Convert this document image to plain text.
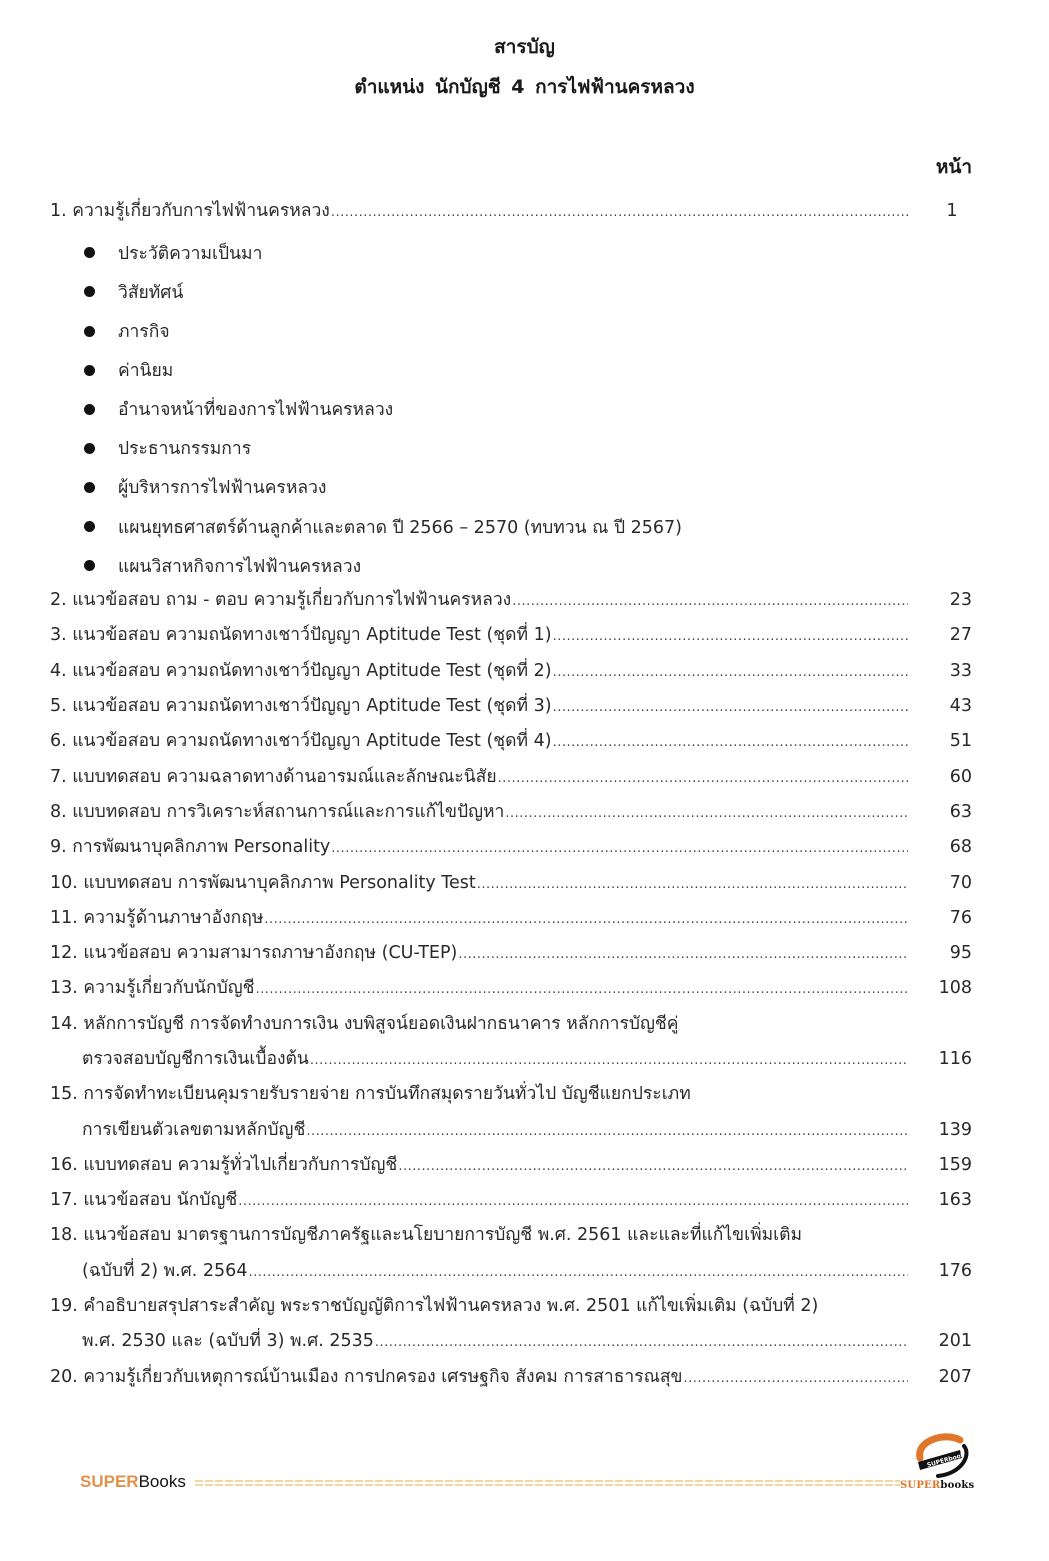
สารบัญ
ตำแหน่ง นักบัญชี 4 การไฟฟ้านครหลวง
หน้า
1. ความรู้เกี่ยวกับการไฟฟ้านครหลวง .....	1
ประวัติความเป็นมา
วิสัยทัศน์
ภารกิจ
ค่านิยม
อำนาจหน้าที่ของการไฟฟ้านครหลวง
ประธานกรรมการ
ผู้บริหารการไฟฟ้านครหลวง
แผนยุทธศาสตร์ด้านลูกค้าและตลาด ปี 2566 – 2570 (ทบทวน ณ ปี 2567)
แผนวิสาหกิจการไฟฟ้านครหลวง
2. แนวข้อสอบ ถาม - ตอบ ความรู้เกี่ยวกับการไฟฟ้านครหลวง .....	23
3. แนวข้อสอบ ความถนัดทางเชาว์ปัญญา Aptitude Test (ชุดที่ 1) .....	27
4. แนวข้อสอบ ความถนัดทางเชาว์ปัญญา Aptitude Test (ชุดที่ 2) .....	33
5. แนวข้อสอบ ความถนัดทางเชาว์ปัญญา Aptitude Test (ชุดที่ 3) .....	43
6. แนวข้อสอบ ความถนัดทางเชาว์ปัญญา Aptitude Test (ชุดที่ 4) .....	51
7. แบบทดสอบ ความฉลาดทางด้านอารมณ์และลักษณะนิสัย .....	60
8. แบบทดสอบ การวิเคราะห์สถานการณ์และการแก้ไขปัญหา .....	63
9. การพัฒนาบุคลิกภาพ Personality .....	68
10. แบบทดสอบ การพัฒนาบุคลิกภาพ Personality Test .....	70
11. ความรู้ด้านภาษาอังกฤษ .....	76
12. แนวข้อสอบ ความสามารถภาษาอังกฤษ (CU-TEP) .....	95
13. ความรู้เกี่ยวกับนักบัญชี .....	108
14. หลักการบัญชี การจัดทำงบการเงิน งบพิสูจน์ยอดเงินฝากธนาคาร หลักการบัญชีคู่
ตรวจสอบบัญชีการเงินเบื้องต้น .....	116
15. การจัดทำทะเบียนคุมรายรับรายจ่าย การบันทึกสมุดรายวันทั่วไป บัญชีแยกประเภท
การเขียนตัวเลขตามหลักบัญชี .....	139
16. แบบทดสอบ ความรู้ทั่วไปเกี่ยวกับการบัญชี .....	159
17. แนวข้อสอบ นักบัญชี .....	163
18. แนวข้อสอบ มาตรฐานการบัญชีภาครัฐและนโยบายการบัญชี พ.ศ. 2561 และและที่แก้ไขเพิ่มเติม
(ฉบับที่ 2) พ.ศ. 2564 .....	176
19. คำอธิบายสรุปสาระสำคัญ พระราชบัญญัติการไฟฟ้านครหลวง พ.ศ. 2501 แก้ไขเพิ่มเติม (ฉบับที่ 2)
พ.ศ. 2530 และ (ฉบับที่ 3) พ.ศ. 2535 .....	201
20. ความรู้เกี่ยวกับเหตุการณ์บ้านเมือง การปกครอง เศรษฐกิจ สังคม การสาธารณสุข .....	207
SUPERBooks
SUPERbooks
SUPERbooks
